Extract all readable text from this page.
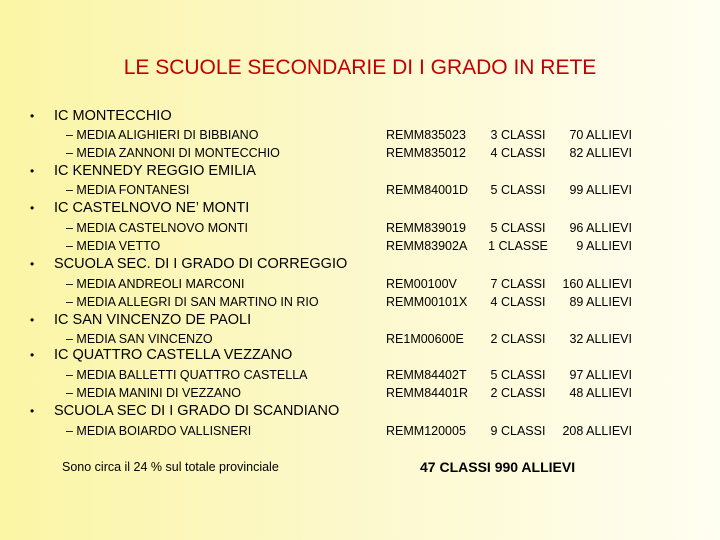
LE SCUOLE SECONDARIE DI I GRADO IN RETE
• IC MONTECCHIO
– MEDIA ALIGHIERI DI BIBBIANO	REMM835023	3 CLASSI	70 ALLIEVI
– MEDIA ZANNONI DI MONTECCHIO	REMM835012	4 CLASSI	82 ALLIEVI
• IC KENNEDY REGGIO EMILIA
– MEDIA FONTANESI	REMM84001D	5 CLASSI	99 ALLIEVI
• IC CASTELNOVO NE’ MONTI
– MEDIA CASTELNOVO MONTI	REMM839019	5 CLASSI	96 ALLIEVI
– MEDIA VETTO	REMM83902A	1 CLASSE	9 ALLIEVI
• SCUOLA SEC. DI I GRADO DI CORREGGIO
– MEDIA ANDREOLI MARCONI	REM00100V	7 CLASSI	160 ALLIEVI
– MEDIA ALLEGRI DI SAN MARTINO IN RIO	REMM00101X	4 CLASSI	89 ALLIEVI
• IC SAN VINCENZO DE PAOLI
– MEDIA SAN VINCENZO	RE1M00600E	2 CLASSI	32 ALLIEVI
• IC QUATTRO CASTELLA VEZZANO
– MEDIA BALLETTI QUATTRO CASTELLA	REMM84402T	5 CLASSI	97 ALLIEVI
– MEDIA MANINI DI VEZZANO	REMM84401R	2 CLASSI	48 ALLIEVI
• SCUOLA SEC DI I GRADO DI SCANDIANO
– MEDIA BOIARDO VALLISNERI	REMM120005	9 CLASSI	208 ALLIEVI
Sono circa il 24 % sul totale provinciale	47 CLASSI 990 ALLIEVI
